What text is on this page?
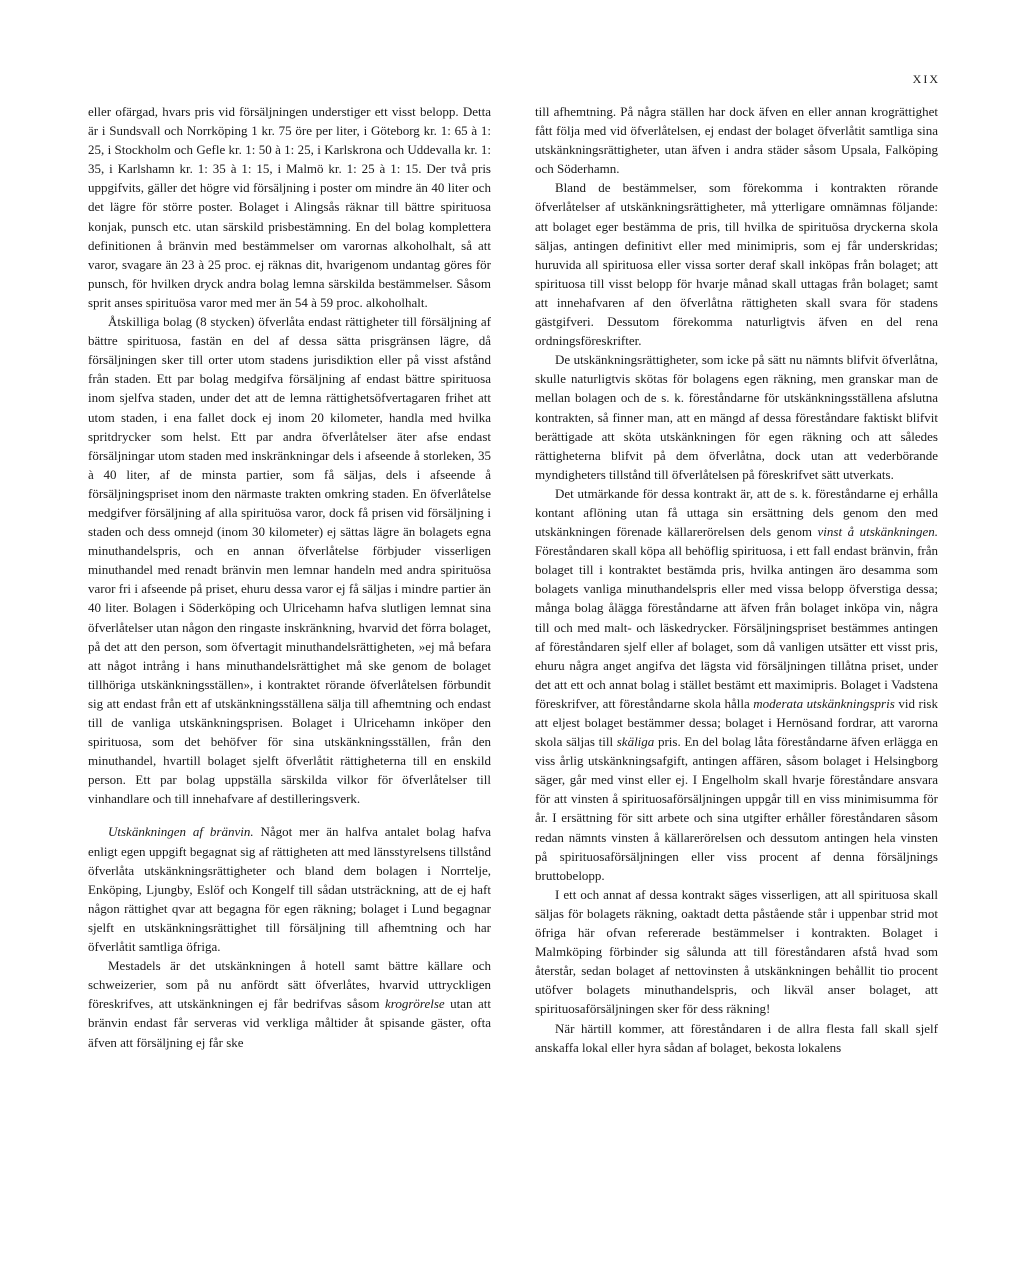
XIX

eller ofärgad, hvars pris vid försäljningen understiger ett visst belopp. Detta är i Sundsvall och Norrköping 1 kr. 75 öre per liter, i Göteborg kr. 1: 65 à 1: 25, i Stockholm och Gefle kr. 1: 50 à 1: 25, i Karlskrona och Uddevalla kr. 1: 35, i Karlshamn kr. 1: 35 à 1: 15, i Malmö kr. 1: 25 à 1: 15. Der två pris uppgifvits, gäller det högre vid försäljning i poster om mindre än 40 liter och det lägre för större poster. Bolaget i Alingsås räknar till bättre spirituosa konjak, punsch etc. utan särskild prisbestämning. En del bolag komplettera definitionen å bränvin med bestämmelser om varornas alkoholhalt, så att varor, svagare än 23 à 25 proc. ej räknas dit, hvarigenom undantag göres för punsch, för hvilken dryck andra bolag lemna särskilda bestämmelser. Såsom sprit anses spirituösa varor med mer än 54 à 59 proc. alkoholhalt.

Åtskilliga bolag (8 stycken) öfverlåta endast rättigheter till försäljning af bättre spirituosa, fastän en del af dessa sätta prisgränsen lägre, då försäljningen sker till orter utom stadens jurisdiktion eller på visst afstånd från staden. Ett par bolag medgifva försäljning af endast bättre spirituosa inom sjelfva staden, under det att de lemna rättighetsöfvertagaren frihet att utom staden, i ena fallet dock ej inom 20 kilometer, handla med hvilka spritdrycker som helst. Ett par andra öfverlåtelser äter afse endast försäljningar utom staden med inskränkningar dels i afseende å storleken, 35 à 40 liter, af de minsta partier, som få säljas, dels i afseende å försäljningspriset inom den närmaste trakten omkring staden. En öfverlåtelse medgifver försäljning af alla spirituösa varor, dock få prisen vid försäljning i staden och dess omnejd (inom 30 kilometer) ej sättas lägre än bolagets egna minuthandelspris, och en annan öfverlåtelse förbjuder visserligen minuthandel med renadt bränvin men lemnar handeln med andra spirituösa varor fri i afseende på priset, ehuru dessa varor ej få säljas i mindre partier än 40 liter. Bolagen i Söderköping och Ulricehamn hafva slutligen lemnat sina öfverlåtelser utan någon den ringaste inskränkning, hvarvid det förra bolaget, på det att den person, som öfvertagit minuthandelsrättigheten, »ej må befara att något intrång i hans minuthandelsrättighet må ske genom de bolaget tillhöriga utskänkningsställen», i kontraktet rörande öfverlåtelsen förbundit sig att endast från ett af utskänkningsställena sälja till afhemtning och endast till de vanliga utskänkningsprisen. Bolaget i Ulricehamn inköper den spirituosa, som det behöfver för sina utskänkningsställen, från den minuthandel, hvartill bolaget sjelft öfverlåtit rättigheterna till en enskild person. Ett par bolag uppställa särskilda vilkor för öfverlåtelser till vinhandlare och till innehafvare af destilleringsverk.

Utskänkningen af bränvin. Något mer än halfva antalet bolag hafva enligt egen uppgift begagnat sig af rättigheten att med länsstyrelsens tillstånd öfverlåta utskänkningsrättigheter och bland dem bolagen i Norrtelje, Enköping, Ljungby, Eslöf och Kongelf till sådan utsträckning, att de ej haft någon rättighet qvar att begagna för egen räkning; bolaget i Lund begagnar sjelft en utskänkningsrättighet till försäljning till afhemtning och har öfverlåtit samtliga öfriga.

Mestadels är det utskänkningen å hotell samt bättre källare och schweizerier, som på nu anfördt sätt öfverlåtes, hvarvid uttryckligen föreskrifves, att utskänkningen ej får bedrifvas såsom krogrörelse utan att bränvin endast får serveras vid verkliga måltider åt spisande gäster, ofta äfven att försäljning ej får ske

till afhemtning. På några ställen har dock äfven en eller annan krogrättighet fått följa med vid öfverlåtelsen, ej endast der bolaget öfverlåtit samtliga sina utskänkningsrättigheter, utan äfven i andra städer såsom Upsala, Falköping och Söderhamn.

Bland de bestämmelser, som förekomma i kontrakten rörande öfverlåtelser af utskänkningsrättigheter, må ytterligare omnämnas följande: att bolaget eger bestämma de pris, till hvilka de spirituösa dryckerna skola säljas, antingen definitivt eller med minimipris, som ej får underskridas; huruvida all spirituosa eller vissa sorter deraf skall inköpas från bolaget; att spirituosa till visst belopp för hvarje månad skall uttagas från bolaget; samt att innehafvaren af den öfverlåtna rättigheten skall svara för stadens gästgifveri. Dessutom förekomma naturligtvis äfven en del rena ordningsföreskrifter.

De utskänkningsrättigheter, som icke på sätt nu nämnts blifvit öfverlåtna, skulle naturligtvis skötas för bolagens egen räkning, men granskar man de mellan bolagen och de s. k. föreståndarne för utskänkningsställena afslutna kontrakten, så finner man, att en mängd af dessa föreståndare faktiskt blifvit berättigade att sköta utskänkningen för egen räkning och att således rättigheterna blifvit på dem öfverlåtna, dock utan att vederbörande myndigheters tillstånd till öfverlåtelsen på föreskrifvet sätt utverkats.

Det utmärkande för dessa kontrakt är, att de s. k. föreståndarne ej erhålla kontant aflöning utan få uttaga sin ersättning dels genom den med utskänkningen förenade källarerörelsen dels genom vinst å utskänkningen. Föreståndaren skall köpa all behöflig spirituosa, i ett fall endast bränvin, från bolaget till i kontraktet bestämda pris, hvilka antingen äro desamma som bolagets vanliga minuthandelspris eller med vissa belopp öfverstiga dessa; många bolag ålägga föreståndarne att äfven från bolaget inköpa vin, några till och med malt- och läskedrycker. Försäljningspriset bestämmes antingen af föreståndaren sjelf eller af bolaget, som då vanligen utsätter ett visst pris, ehuru några anget angifva det lägsta vid försäljningen tillåtna priset, under det att ett och annat bolag i stället bestämt ett maximipris. Bolaget i Vadstena föreskrifver, att föreståndarne skola hålla moderata utskänkningspris vid risk att eljest bolaget bestämmer dessa; bolaget i Hernösand fordrar, att varorna skola säljas till skäliga pris. En del bolag låta föreståndarne äfven erlägga en viss årlig utskänkningsafgift, antingen affären, såsom bolaget i Helsingborg säger, går med vinst eller ej. I Engelholm skall hvarje föreståndare ansvara för att vinsten å spirituosaförsäljningen uppgår till en viss minimisumma för år. I ersättning för sitt arbete och sina utgifter erhåller föreståndaren såsom redan nämnts vinsten å källarerörelsen och dessutom antingen hela vinsten på spirituosaförsäljningen eller viss procent af denna försäljnings bruttobelopp.

I ett och annat af dessa kontrakt säges visserligen, att all spirituosa skall säljas för bolagets räkning, oaktadt detta påstående står i uppenbar strid mot öfriga här ofvan refererade bestämmelser i kontrakten. Bolaget i Malmköping förbinder sig sålunda att till föreståndaren afstå hvad som återstår, sedan bolaget af nettovinsten å utskänkningen behållit tio procent utöfver bolagets minuthandelspris, och likväl anser bolaget, att spirituosaförsäljningen sker för dess räkning!

När härtill kommer, att föreståndaren i de allra flesta fall skall sjelf anskaffa lokal eller hyra sådan af bolaget, bekosta lokalens
